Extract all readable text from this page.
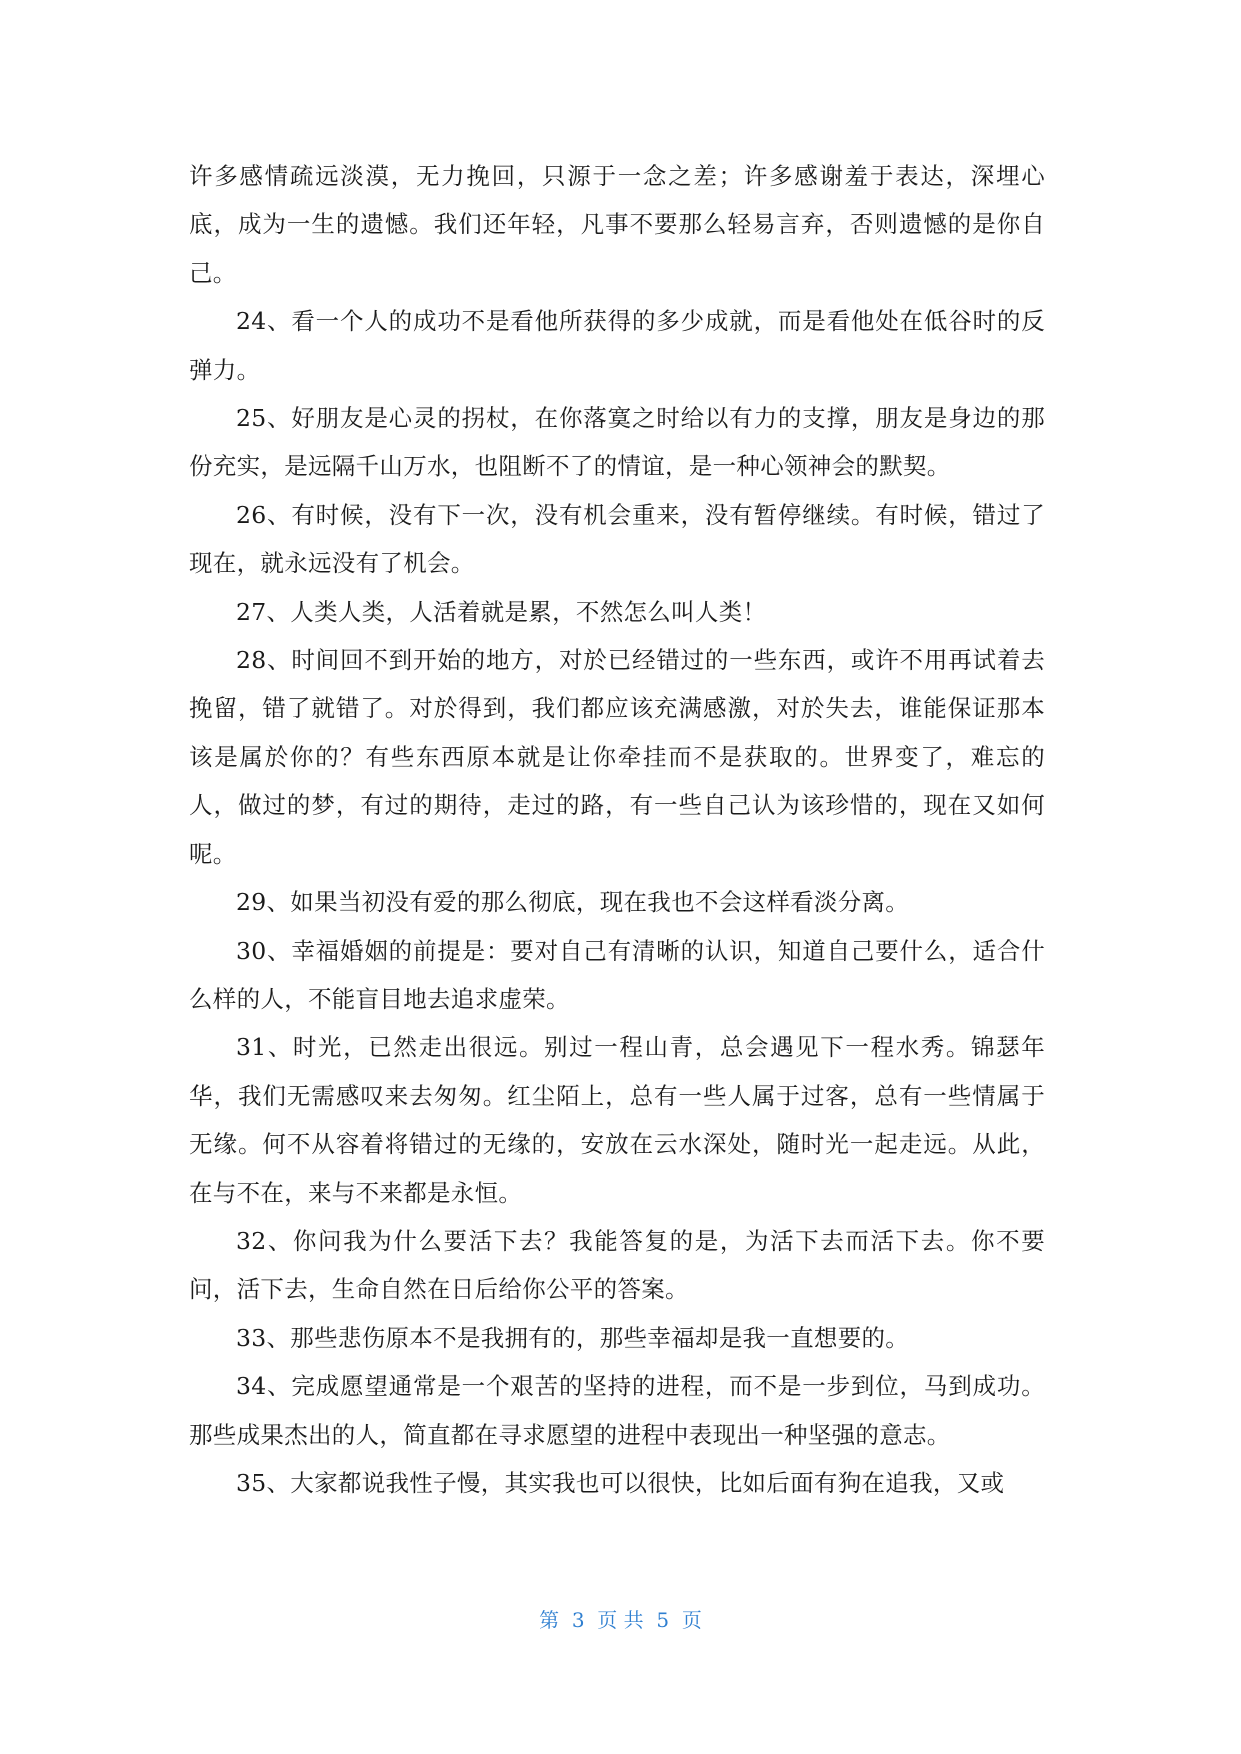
许多感情疏远淡漠，无力挽回，只源于一念之差；许多感谢羞于表达，深埋心底，成为一生的遗憾。我们还年轻，凡事不要那么轻易言弃，否则遗憾的是你自己。

24、看一个人的成功不是看他所获得的多少成就，而是看他处在低谷时的反弹力。

25、好朋友是心灵的拐杖，在你落寞之时给以有力的支撑，朋友是身边的那份充实，是远隔千山万水，也阻断不了的情谊，是一种心领神会的默契。

26、有时候，没有下一次，没有机会重来，没有暂停继续。有时候，错过了现在，就永远没有了机会。

27、人类人类，人活着就是累，不然怎么叫人类！

28、时间回不到开始的地方，对於已经错过的一些东西，或许不用再试着去挽留，错了就错了。对於得到，我们都应该充满感激，对於失去，谁能保证那本该是属於你的？有些东西原本就是让你牵挂而不是获取的。世界变了，难忘的人，做过的梦，有过的期待，走过的路，有一些自己认为该珍惜的，现在又如何呢。

29、如果当初没有爱的那么彻底，现在我也不会这样看淡分离。

30、幸福婚姻的前提是：要对自己有清晰的认识，知道自己要什么，适合什么样的人，不能盲目地去追求虚荣。

31、时光，已然走出很远。别过一程山青，总会遇见下一程水秀。锦瑟年华，我们无需感叹来去匆匆。红尘陌上，总有一些人属于过客，总有一些情属于无缘。何不从容着将错过的无缘的，安放在云水深处，随时光一起走远。从此，在与不在，来与不来都是永恒。

32、你问我为什么要活下去？我能答复的是，为活下去而活下去。你不要问，活下去，生命自然在日后给你公平的答案。

33、那些悲伤原本不是我拥有的，那些幸福却是我一直想要的。

34、完成愿望通常是一个艰苦的坚持的进程，而不是一步到位，马到成功。那些成果杰出的人，简直都在寻求愿望的进程中表现出一种坚强的意志。

35、大家都说我性子慢，其实我也可以很快，比如后面有狗在追我，又或

第  3  页 共  5  页
